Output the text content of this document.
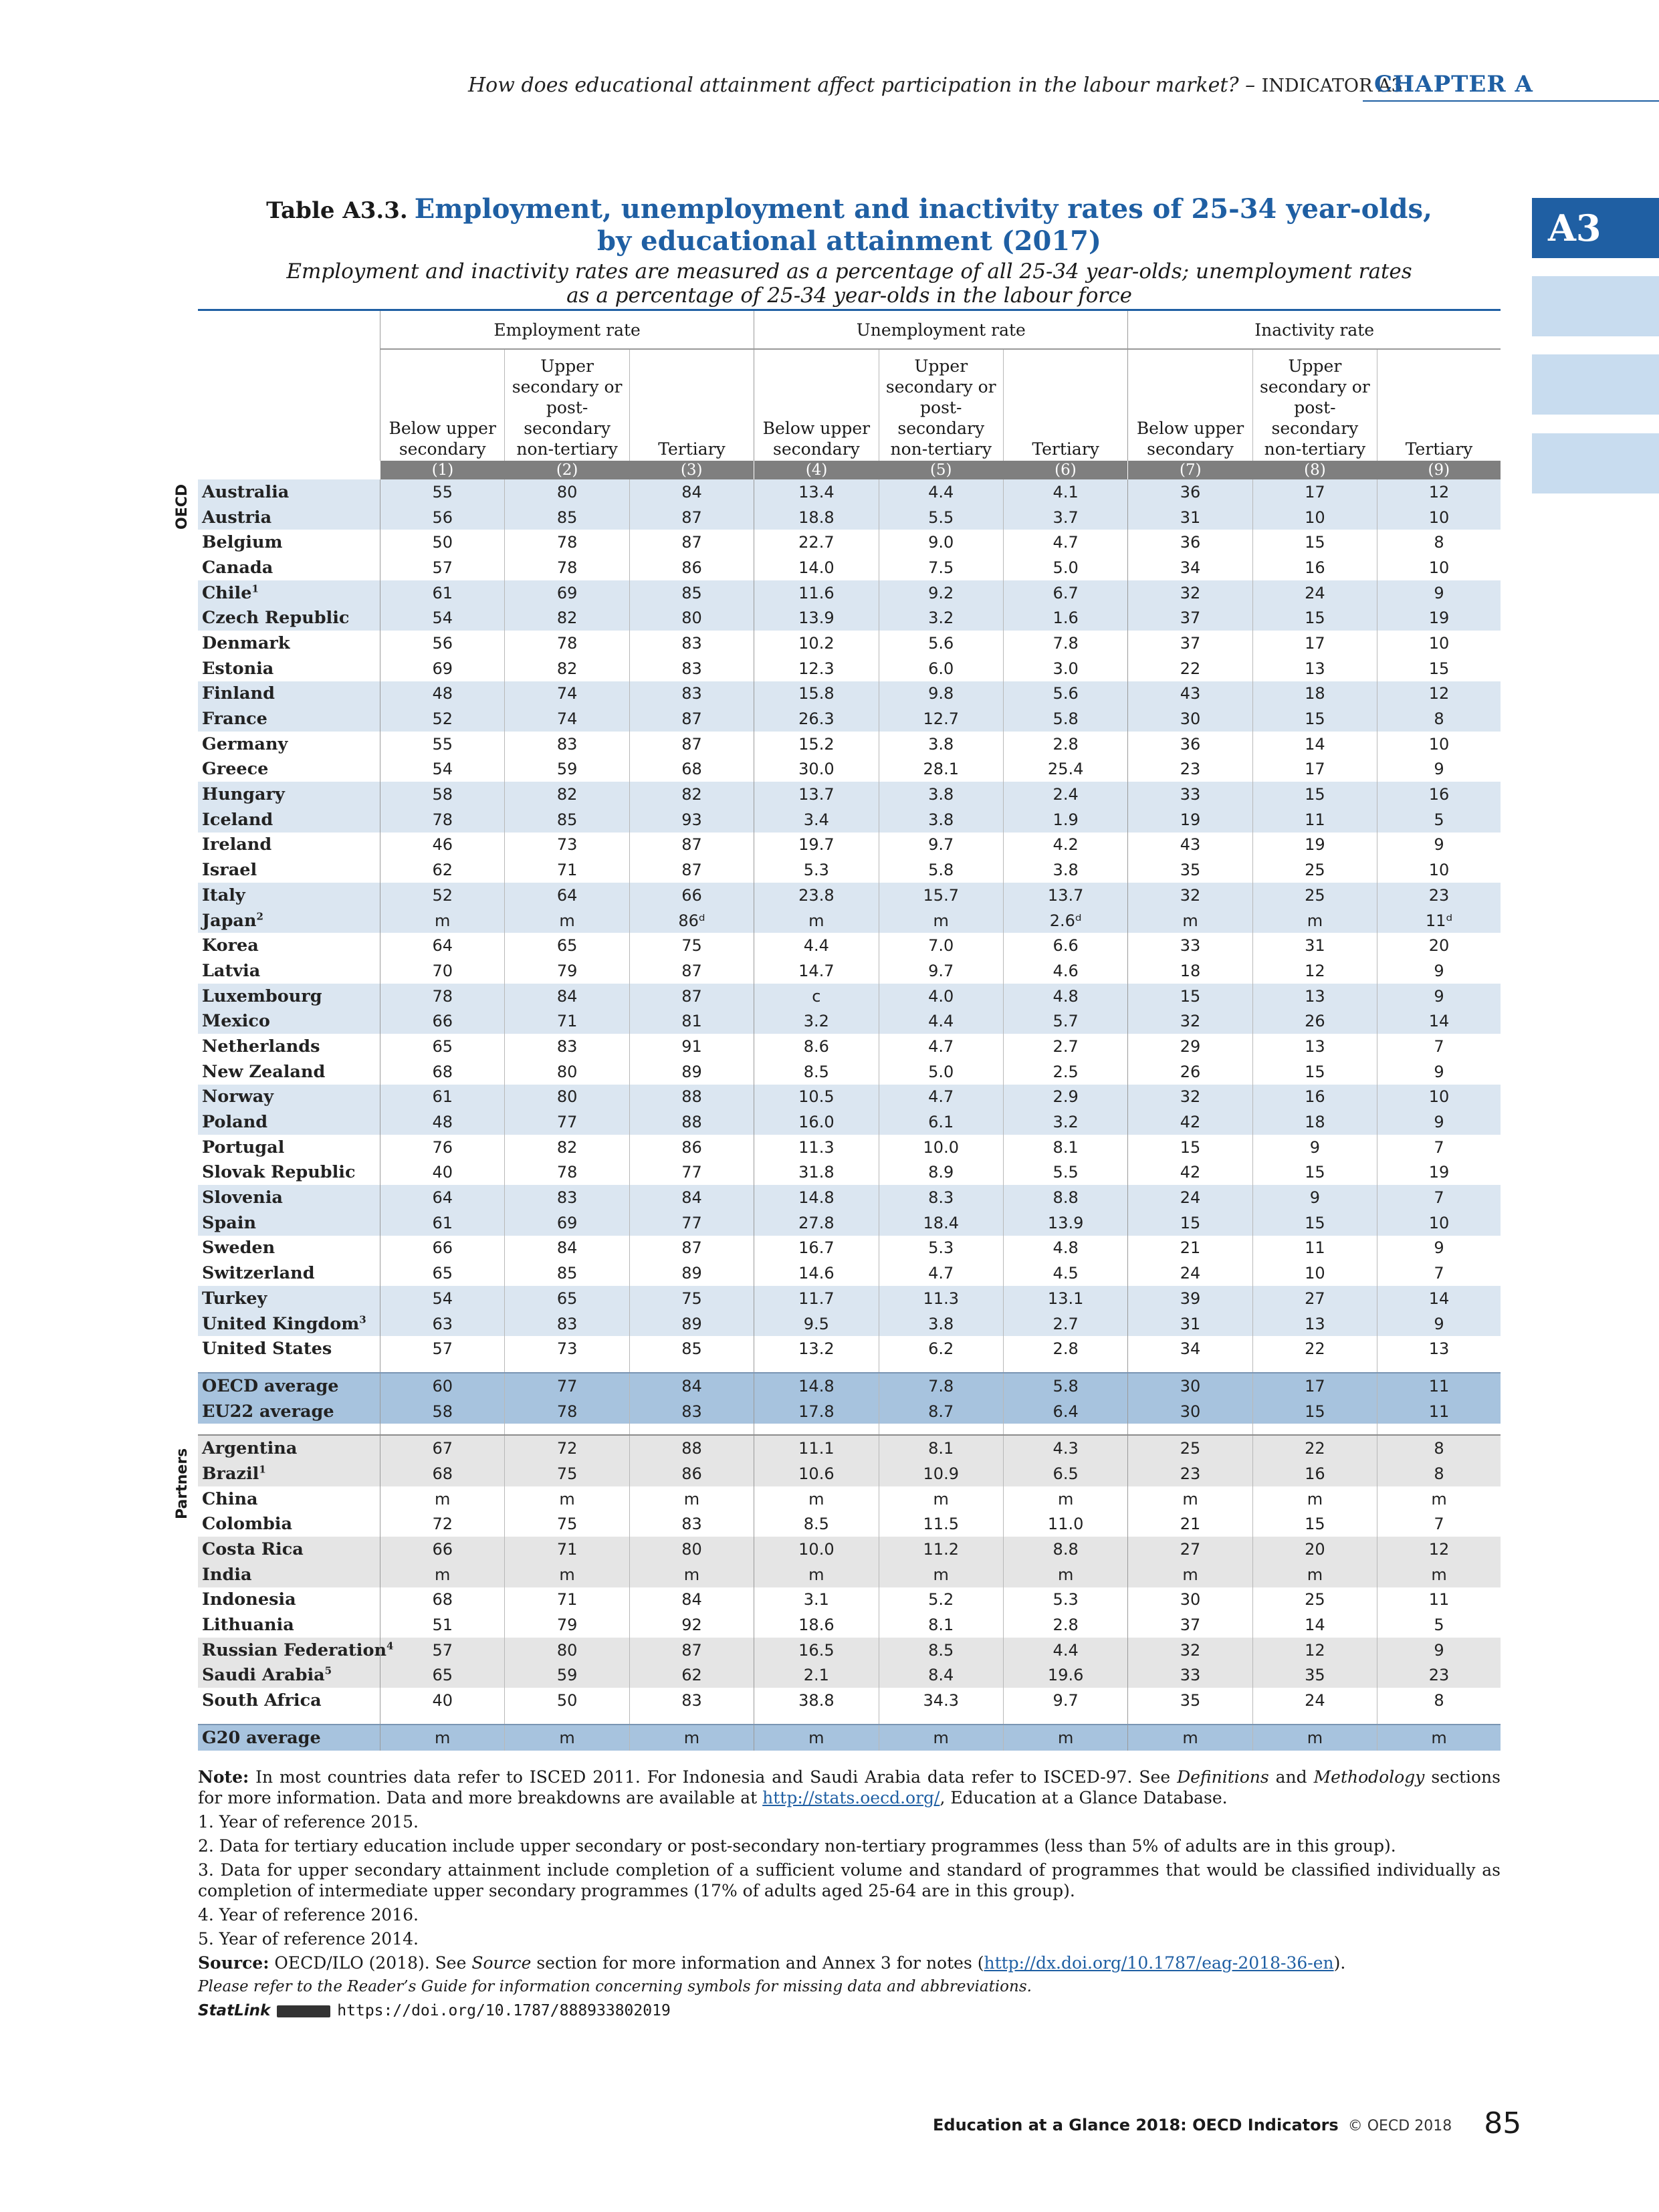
How does educational attainment affect participation in the labour market? – INDICATOR A3
CHAPTER A
A3
Table A3.3. Employment, unemployment and inactivity rates of 25-34 year-olds,
by educational attainment (2017)
Employment and inactivity rates are measured as a percentage of all 25-34 year-olds; unemployment rates
as a percentage of 25-34 year-olds in the labour force
	Employment rate			Unemployment rate			Inactivity rate		
	Below upper secondary	Upper secondary or post-secondary non-tertiary	Tertiary	Below upper secondary	Upper secondary or post-secondary non-tertiary	Tertiary	Below upper secondary	Upper secondary or post-secondary non-tertiary	Tertiary
	(1)	(2)	(3)	(4)	(5)	(6)	(7)	(8)	(9)
Australia	55	80	84	13.4	4.4	4.1	36	17	12
Austria	56	85	87	18.8	5.5	3.7	31	10	10
Belgium	50	78	87	22.7	9.0	4.7	36	15	8
Canada	57	78	86	14.0	7.5	5.0	34	16	10
Chile$^1$	61	69	85	11.6	9.2	6.7	32	24	9
Czech Republic	54	82	80	13.9	3.2	1.6	37	15	19
Denmark	56	78	83	10.2	5.6	7.8	37	17	10
Estonia	69	82	83	12.3	6.0	3.0	22	13	15
Finland	48	74	83	15.8	9.8	5.6	43	18	12
France	52	74	87	26.3	12.7	5.8	30	15	8
Germany	55	83	87	15.2	3.8	2.8	36	14	10
Greece	54	59	68	30.0	28.1	25.4	23	17	9
Hungary	58	82	82	13.7	3.8	2.4	33	15	16
Iceland	78	85	93	3.4	3.8	1.9	19	11	5
Ireland	46	73	87	19.7	9.7	4.2	43	19	9
Israel	62	71	87	5.3	5.8	3.8	35	25	10
Italy	52	64	66	23.8	15.7	13.7	32	25	23
Japan$^2$	m	m	86ᵈ	m	m	2.6ᵈ	m	m	11ᵈ
Korea	64	65	75	4.4	7.0	6.6	33	31	20
Latvia	70	79	87	14.7	9.7	4.6	18	12	9
Luxembourg	78	84	87	c	4.0	4.8	15	13	9
Mexico	66	71	81	3.2	4.4	5.7	32	26	14
Netherlands	65	83	91	8.6	4.7	2.7	29	13	7
New Zealand	68	80	89	8.5	5.0	2.5	26	15	9
Norway	61	80	88	10.5	4.7	2.9	32	16	10
Poland	48	77	88	16.0	6.1	3.2	42	18	9
Portugal	76	82	86	11.3	10.0	8.1	15	9	7
Slovak Republic	40	78	77	31.8	8.9	5.5	42	15	19
Slovenia	64	83	84	14.8	8.3	8.8	24	9	7
Spain	61	69	77	27.8	18.4	13.9	15	15	10
Sweden	66	84	87	16.7	5.3	4.8	21	11	9
Switzerland	65	85	89	14.6	4.7	4.5	24	10	7
Turkey	54	65	75	11.7	11.3	13.1	39	27	14
United Kingdom$^3$	63	83	89	9.5	3.8	2.7	31	13	9
United States	57	73	85	13.2	6.2	2.8	34	22	13

OECD average	60	77	84	14.8	7.8	5.8	30	17	11
EU22 average	58	78	83	17.8	8.7	6.4	30	15	11

Argentina	67	72	88	11.1	8.1	4.3	25	22	8
Brazil$^1$	68	75	86	10.6	10.9	6.5	23	16	8
China	m	m	m	m	m	m	m	m	m
Colombia	72	75	83	8.5	11.5	11.0	21	15	7
Costa Rica	66	71	80	10.0	11.2	8.8	27	20	12
India	m	m	m	m	m	m	m	m	m
Indonesia	68	71	84	3.1	5.2	5.3	30	25	11
Lithuania	51	79	92	18.6	8.1	2.8	37	14	5
Russian Federation$^4$	57	80	87	16.5	8.5	4.4	32	12	9
Saudi Arabia$^5$	65	59	62	2.1	8.4	19.6	33	35	23
South Africa	40	50	83	38.8	34.3	9.7	35	24	8

G20 average	m	m	m	m	m	m	m	m	m
OECD
Partners

Note: In most countries data refer to ISCED 2011. For Indonesia and Saudi Arabia data refer to ISCED-97. See Definitions and Methodology sections for more information. Data and more breakdowns are available at http://stats.oecd.org/, Education at a Glance Database.

1. Year of reference 2015.

2. Data for tertiary education include upper secondary or post-secondary non-tertiary programmes (less than 5% of adults are in this group).

3. Data for upper secondary attainment include completion of a sufficient volume and standard of programmes that would be classified individually as completion of intermediate upper secondary programmes (17% of adults aged 25-64 are in this group).

4. Year of reference 2016.

5. Year of reference 2014.

Source: OECD/ILO (2018). See Source section for more information and Annex 3 for notes (http://dx.doi.org/10.1787/eag-2018-36-en).

Please refer to the Reader’s Guide for information concerning symbols for missing data and abbreviations.

StatLink	https://doi.org/10.1787/888933802019
Education at a Glance 2018: OECD Indicators © OECD 2018 85
